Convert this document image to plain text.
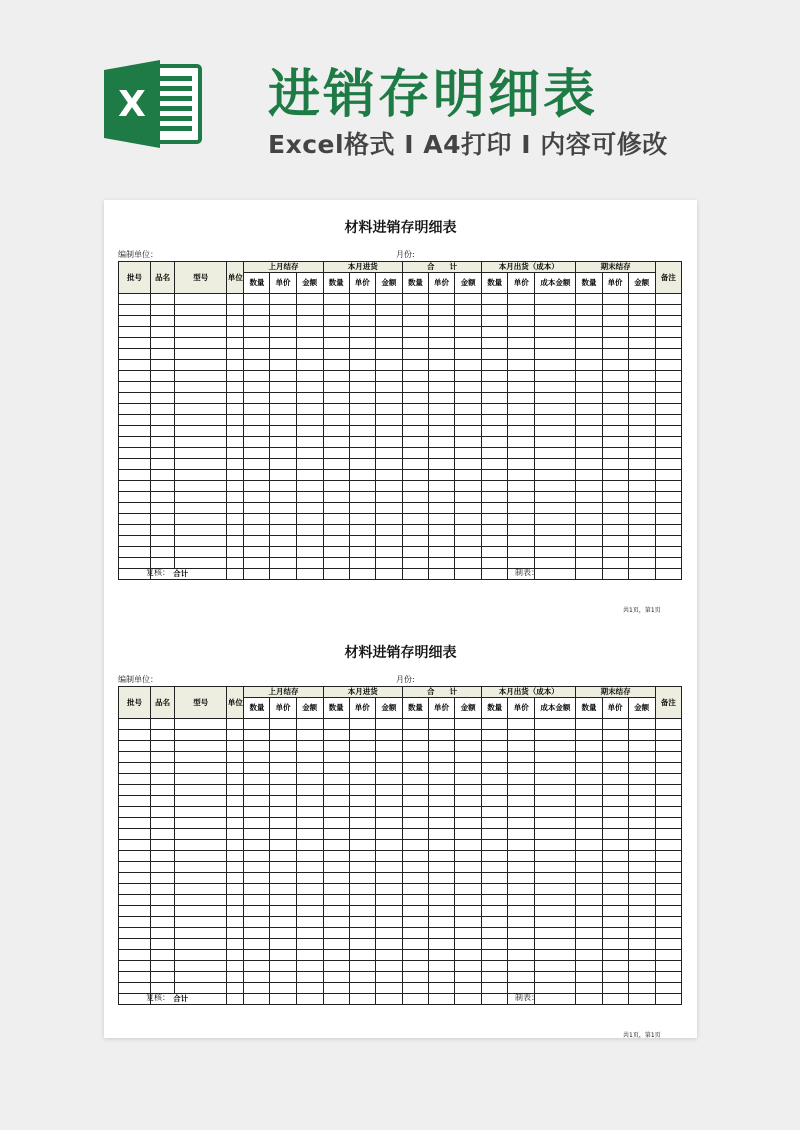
X 进销存明细表
Excel格式 I A4打印 I 内容可修改
材料进销存明细表
编制单位：	月份:
批号	品名	型号	单位	上月结存			本月进货			合　　计			本月出货（成本）			期末结存			备注
				数量	单价	金额	数量	单价	金额	数量	单价	金额	数量	单价	成本金额	数量	单价	金额	

	合计																		
复核：	制表：
共1页，第1页
材料进销存明细表
编制单位：	月份:
批号	品名	型号	单位	上月结存			本月进货			合　　计			本月出货（成本）			期末结存			备注
				数量	单价	金额	数量	单价	金额	数量	单价	金额	数量	单价	成本金额	数量	单价	金额	

	合计																		
复核：	制表：
共1页，第1页
